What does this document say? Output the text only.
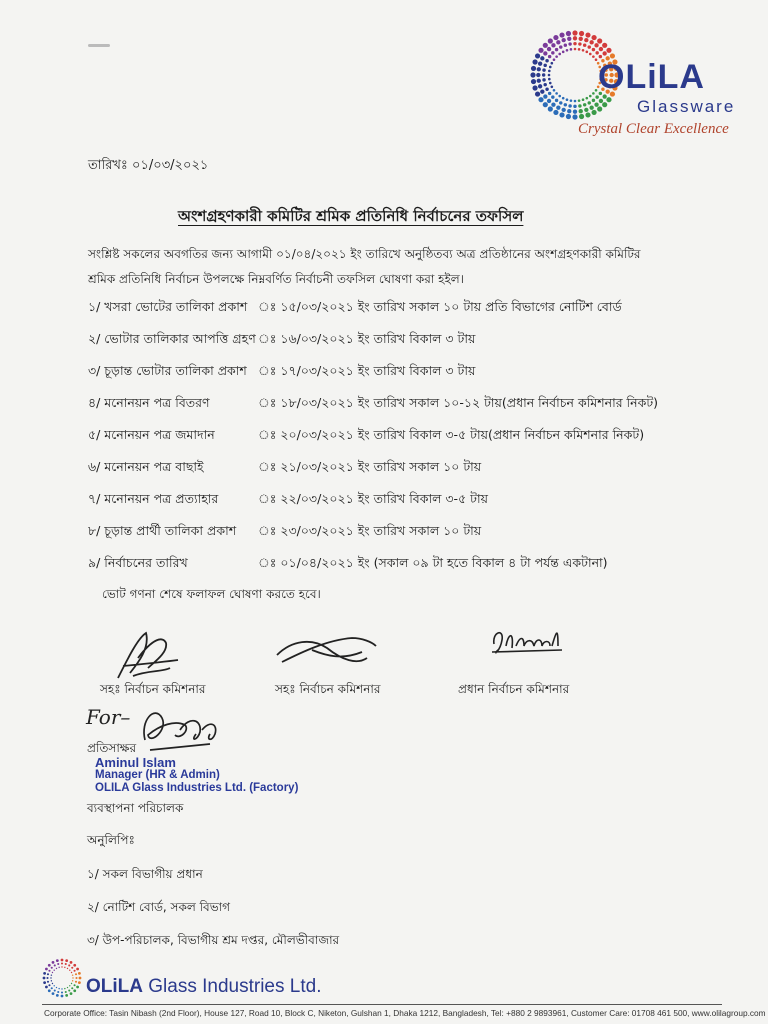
OLiLA
Glassware
Crystal Clear Excellence
তারিখঃ ০১/০৩/২০২১
অংশগ্রহণকারী কমিটির শ্রমিক প্রতিনিধি নির্বাচনের তফসিল
সংশ্লিষ্ট সকলের অবগতির জন্য আগামী ০১/০৪/২০২১ ইং তারিখে অনুষ্ঠিতব্য অত্র প্রতিষ্ঠানের অংশগ্রহণকারী কমিটির
শ্রমিক প্রতিনিধি নির্বাচন উপলক্ষে নিম্নবর্ণিত নির্বাচনী তফসিল ঘোষণা করা হইল।
১/ খসরা ভোটের তালিকা প্রকাশ ঃ ১৫/০৩/২০২১ ইং তারিখ সকাল ১০ টায় প্রতি বিভাগের নোটিশ বোর্ড
২/ ভোটার তালিকার আপত্তি গ্রহণ ঃ ১৬/০৩/২০২১ ইং তারিখ বিকাল ৩ টায়
৩/ চূড়ান্ত ভোটার তালিকা প্রকাশ ঃ ১৭/০৩/২০২১ ইং তারিখ বিকাল ৩ টায়
৪/ মনোনয়ন পত্র বিতরণ	ঃ ১৮/০৩/২০২১ ইং তারিখ সকাল ১০-১২ টায়(প্রধান নির্বাচন কমিশনার নিকট)
৫/ মনোনয়ন পত্র জমাদান	ঃ ২০/০৩/২০২১ ইং তারিখ বিকাল ৩-৫ টায়(প্রধান নির্বাচন কমিশনার নিকট)
৬/ মনোনয়ন পত্র বাছাই	ঃ ২১/০৩/২০২১ ইং তারিখ সকাল ১০ টায়
৭/ মনোনয়ন পত্র প্রত্যাহার	ঃ ২২/০৩/২০২১ ইং তারিখ বিকাল ৩-৫ টায়
৮/ চূড়ান্ত প্রার্থী তালিকা প্রকাশ ঃ ২৩/০৩/২০২১ ইং তারিখ সকাল ১০ টায়
৯/ নির্বাচনের তারিখ	ঃ ০১/০৪/২০২১ ইং (সকাল ০৯ টা হতে বিকাল ৪ টা পর্যন্ত একটানা)
ভোট গণনা শেষে ফলাফল ঘোষণা করতে হবে।
সহঃ নির্বাচন কমিশনার	সহঃ নির্বাচন কমিশনার	প্রধান নির্বাচন কমিশনার
For–
প্রতিসাক্ষর
Aminul Islam
Manager (HR & Admin)
OLILA Glass Industries Ltd. (Factory)
ব্যবস্থাপনা পরিচালক
অনুলিপিঃ
১/ সকল বিভাগীয় প্রধান
২/ নোটিশ বোর্ড, সকল বিভাগ
৩/ উপ-পরিচালক, বিভাগীয় শ্রম দপ্তর, মৌলভীবাজার
OLiLA Glass Industries Ltd.
Corporate Office: Tasin Nibash (2nd Floor), House 127, Road 10, Block C, Niketon, Gulshan 1, Dhaka 1212, Bangladesh, Tel: +880 2 9893961, Customer Care: 01708 461 500, www.olilagroup.com
